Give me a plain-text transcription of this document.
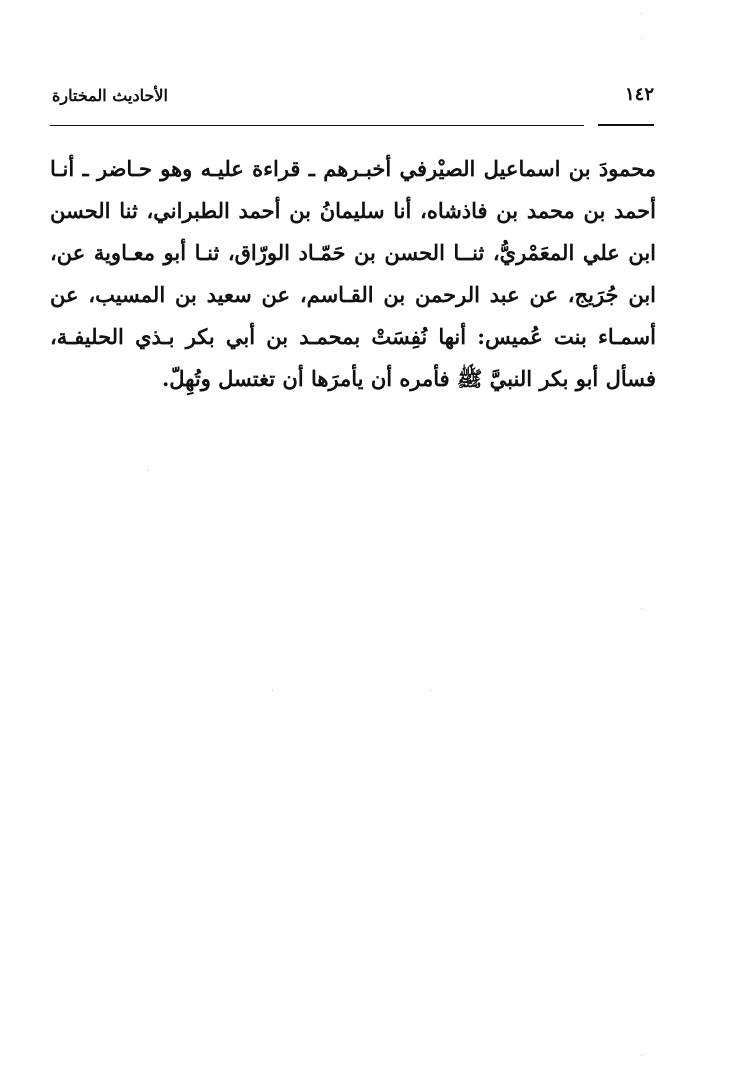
١٤٢
الأحاديث المختارة
محمودَ بن اسماعيل الصيْرفي أخبـرهم ـ قراءة عليـه وهو حـاضر ـ أنـا
أحمد بن محمد بن فاذشاه، أنا سليمانُ بن أحمد الطبراني، ثنا الحسن
ابن علي المعَمْريُّ، ثنــا الحسن بن حَمّـاد الورّاق، ثنـا أبو معـاوية عن،
ابن جُرَيج، عن عبد الرحمن بن القـاسم، عن سعيد بن المسيب، عن
أسمـاء بنت عُميس: أنها نُفِسَتْ بمحمـد بن أبي بكر بـذي الحليفـة،
فسأل أبو بكر النبيَّ ﷺ فأمره أن يأمرَها أن تغتسل وتُهِلّ.
